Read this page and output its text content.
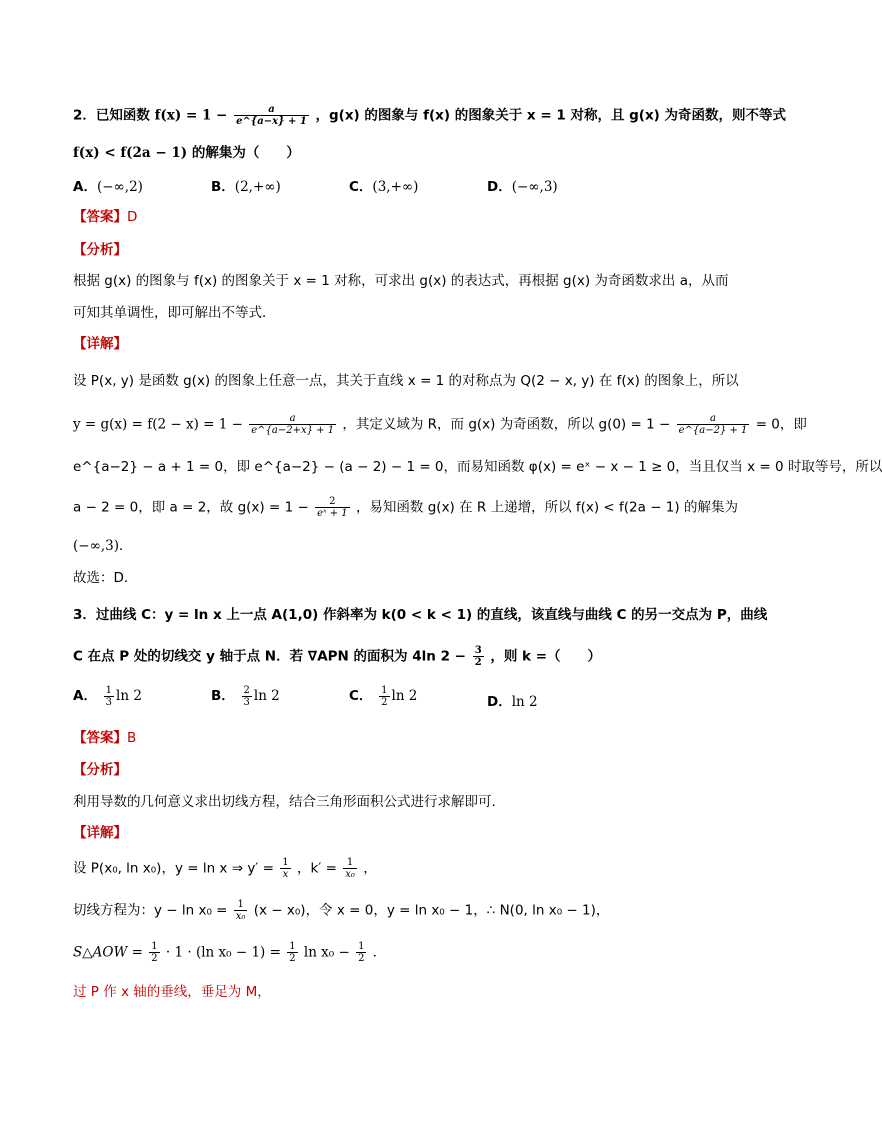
2．已知函数 $f(x) = 1 - \frac{a}{e\^{}\{a-x\} + 1}$ ，g(x) 的图象与 f(x) 的图象关于 x = 1 对称，且 g(x) 为奇函数，则不等式
f(x) < f(2a − 1) 的解集为（　　）
A．(−∞,2)	B．(2,+∞)	C．(3,+∞)	D．(−∞,3)
【答案】D
【分析】
根据 g(x) 的图象与 f(x) 的图象关于 x = 1 对称，可求出 g(x) 的表达式，再根据 g(x) 为奇函数求出 a，从而
可知其单调性，即可解出不等式．
【详解】
设 P(x, y) 是函数 g(x) 的图象上任意一点，其关于直线 x = 1 的对称点为 Q(2 − x, y) 在 f(x) 的图象上，所以
$y = g(x) = f(2 - x) = 1 - \frac{a}{e\^{}\{a-2+x\} + 1}$ ，其定义域为 R，而 g(x) 为奇函数，所以 $g(0) = 1 - \frac{a}{e\^{}\{a-2\} + 1} = 0$，即
e^{a−2} − a + 1 = 0，即 e^{a−2} − (a − 2) − 1 = 0，而易知函数 φ(x) = eˣ − x − 1 ≥ 0，当且仅当 x = 0 时取等号，所以
a − 2 = 0，即 a = 2，故 $g(x) = 1 - \frac{2}{\text{eˣ + 1}}$ ，易知函数 g(x) 在 R 上递增，所以 f(x) < f(2a − 1) 的解集为
(−∞,3)．
故选：D．
3．过曲线 C：y = ln x 上一点 A(1,0) 作斜率为 k(0 < k < 1) 的直线，该直线与曲线 C 的另一交点为 P，曲线
C 在点 P 处的切线交 y 轴于点 N．若 ∇APN 的面积为 4ln $2 - \frac{3}{2}$ ，则 k =（　　）
A． $\frac{1}{3}$ ln 2	B． $\frac{2}{3}$ ln 2	C． $\frac{1}{2}$ ln 2	D．ln 2
【答案】B
【分析】
利用导数的几何意义求出切线方程，结合三角形面积公式进行求解即可.
【详解】
设 P(x₀, ln x₀)，y = ln x ⇒ $y' = \frac{1}{x}$ ，$k' = \frac{1}{\text{x₀}}$ ，
切线方程为：$y - \ln x_0 = \frac{1}{\text{x₀}} (x - x_0)$，令 x = 0，y = ln x₀ − 1，∴ N(0, ln x₀ − 1)，
S△AOW = $\frac{1}{2} \cdot 1 \cdot (\ln$ $x_0 - 1) = \frac{1}{2}$ $\ln x_0 - \frac{1}{2}$ ．
过 P 作 x 轴的垂线，垂足为 M，
